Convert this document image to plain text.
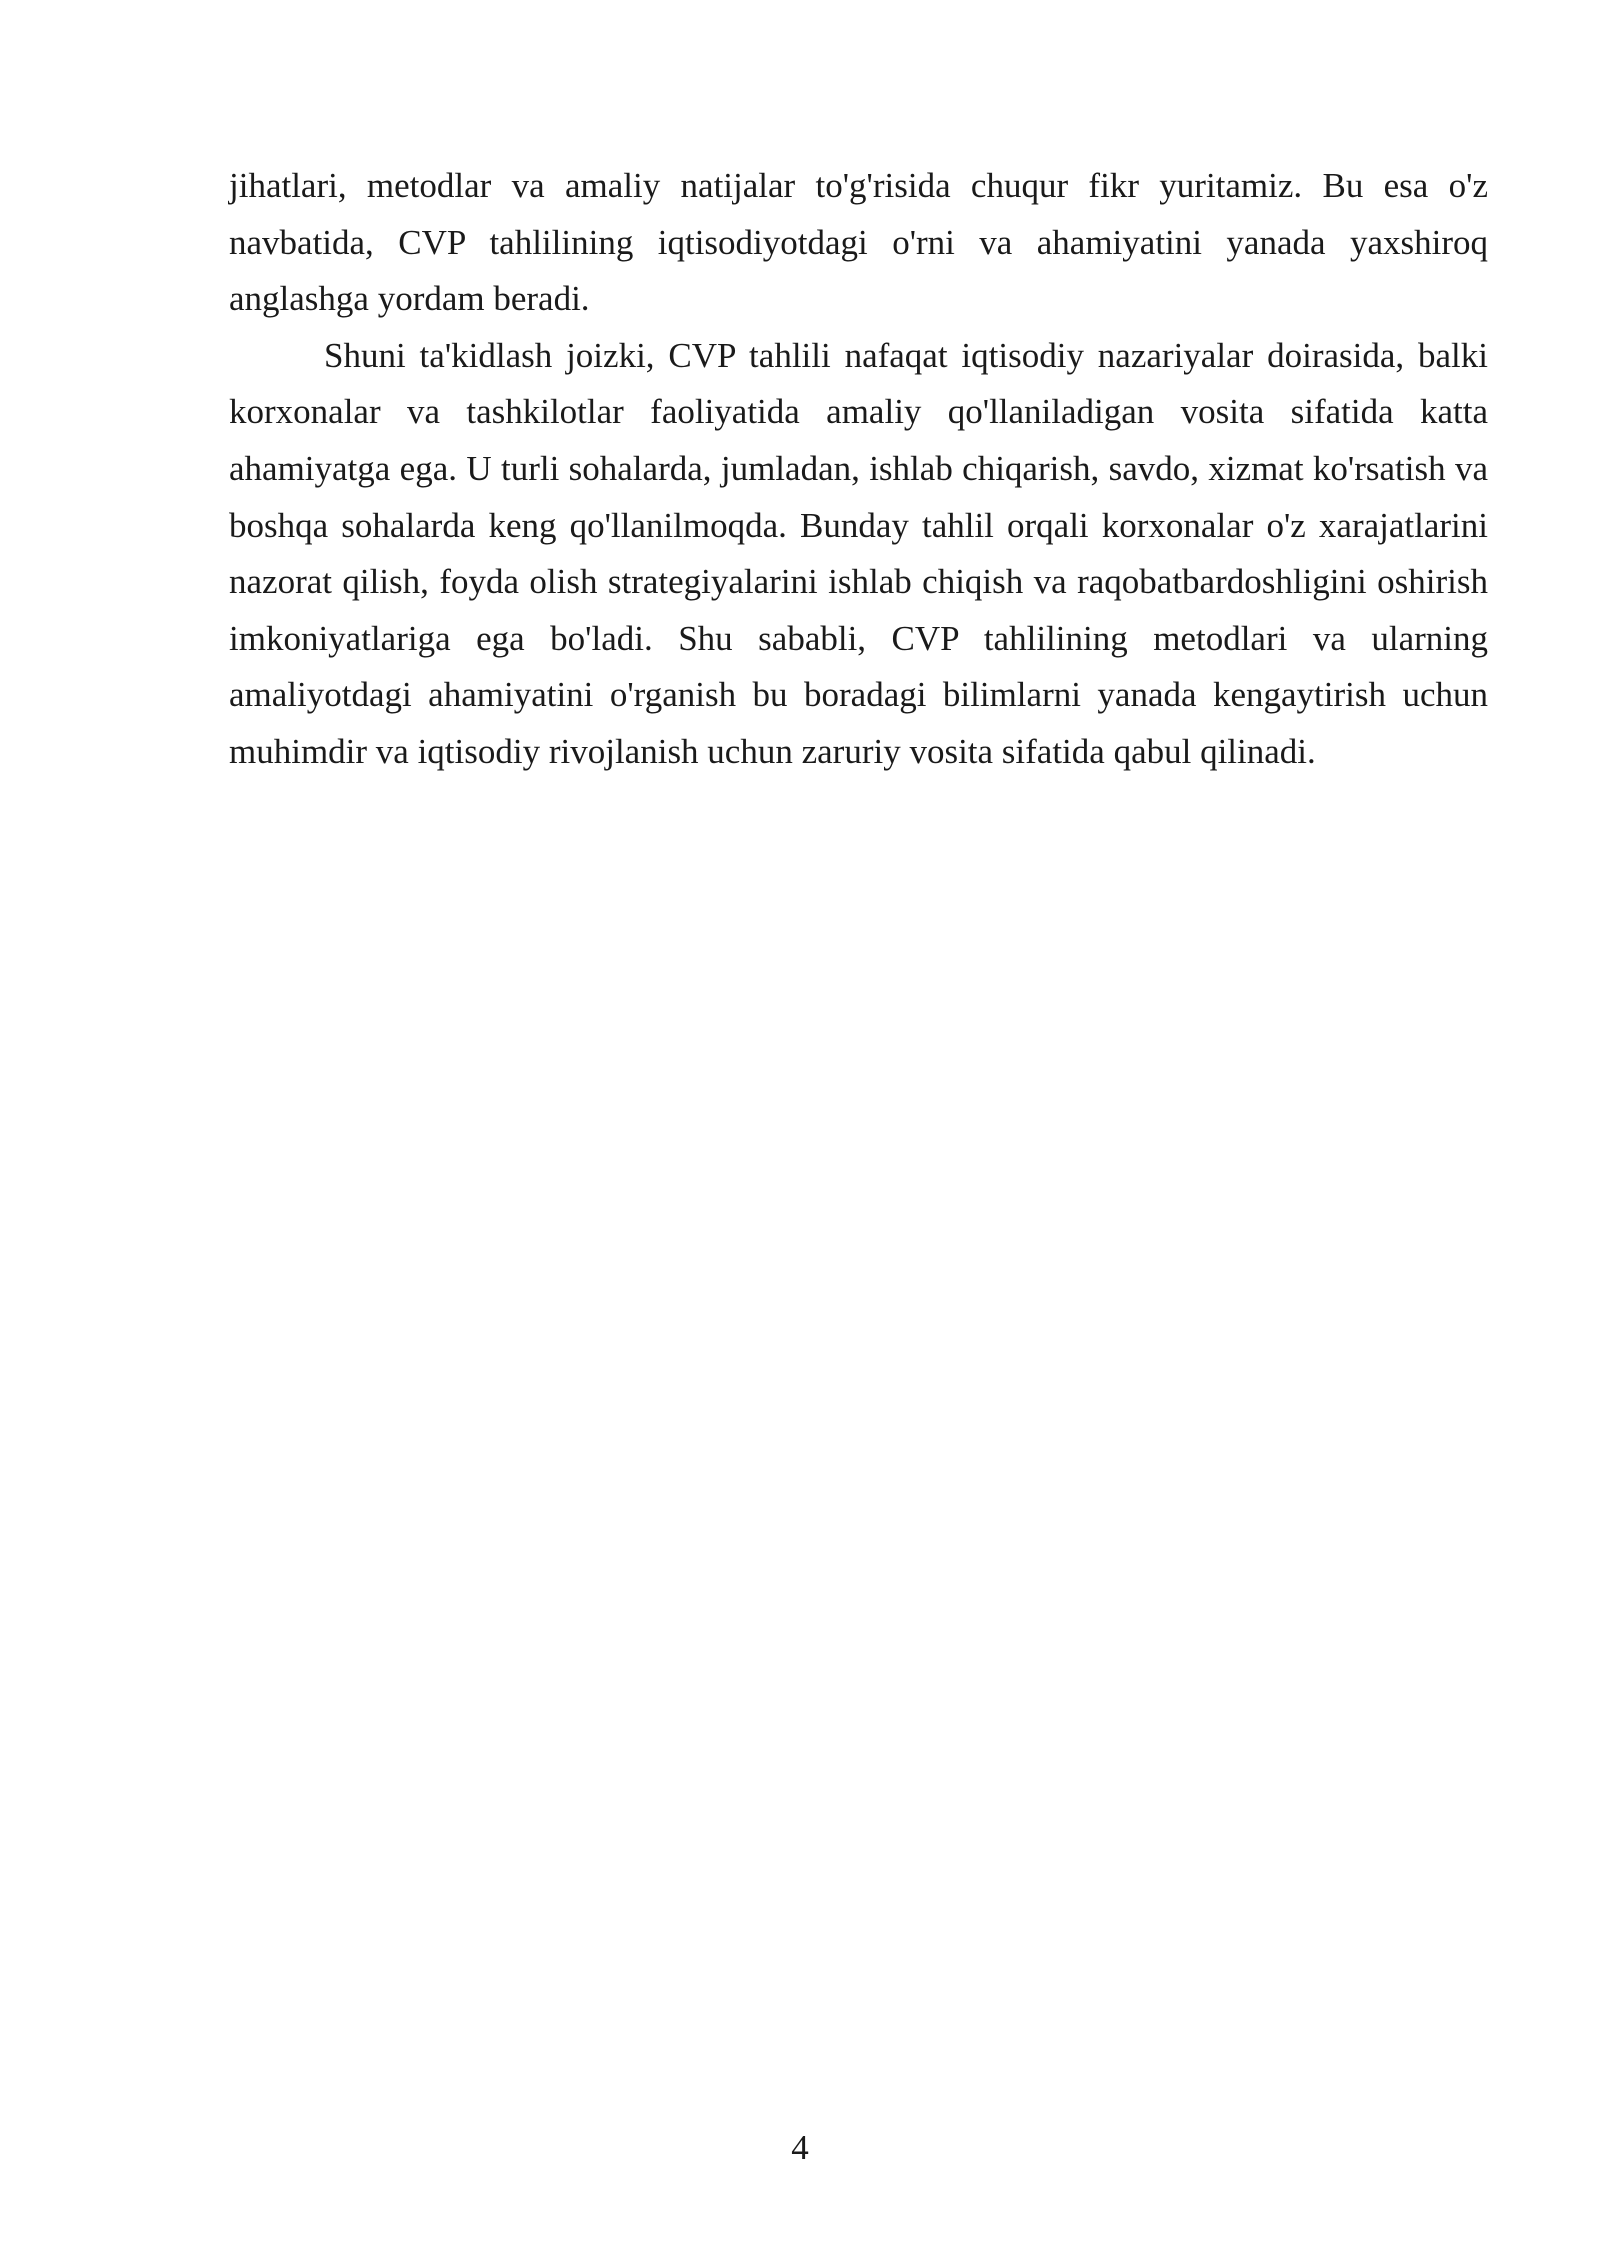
jihatlari, metodlar va amaliy natijalar to'g'risida chuqur fikr yuritamiz. Bu esa o'z navbatida, CVP tahlilining iqtisodiyotdagi o'rni va ahamiyatini yanada yaxshiroq anglashga yordam beradi.

Shuni ta'kidlash joizki, CVP tahlili nafaqat iqtisodiy nazariyalar doirasida, balki korxonalar va tashkilotlar faoliyatida amaliy qo'llaniladigan vosita sifatida katta ahamiyatga ega. U turli sohalarda, jumladan, ishlab chiqarish, savdo, xizmat ko'rsatish va boshqa sohalarda keng qo'llanilmoqda. Bunday tahlil orqali korxonalar o'z xarajatlarini nazorat qilish, foyda olish strategiyalarini ishlab chiqish va raqobatbardoshligini oshirish imkoniyatlariga ega bo'ladi. Shu sababli, CVP tahlilining metodlari va ularning amaliyotdagi ahamiyatini o'rganish bu boradagi bilimlarni yanada kengaytirish uchun muhimdir va iqtisodiy rivojlanish uchun zaruriy vosita sifatida qabul qilinadi.

4
